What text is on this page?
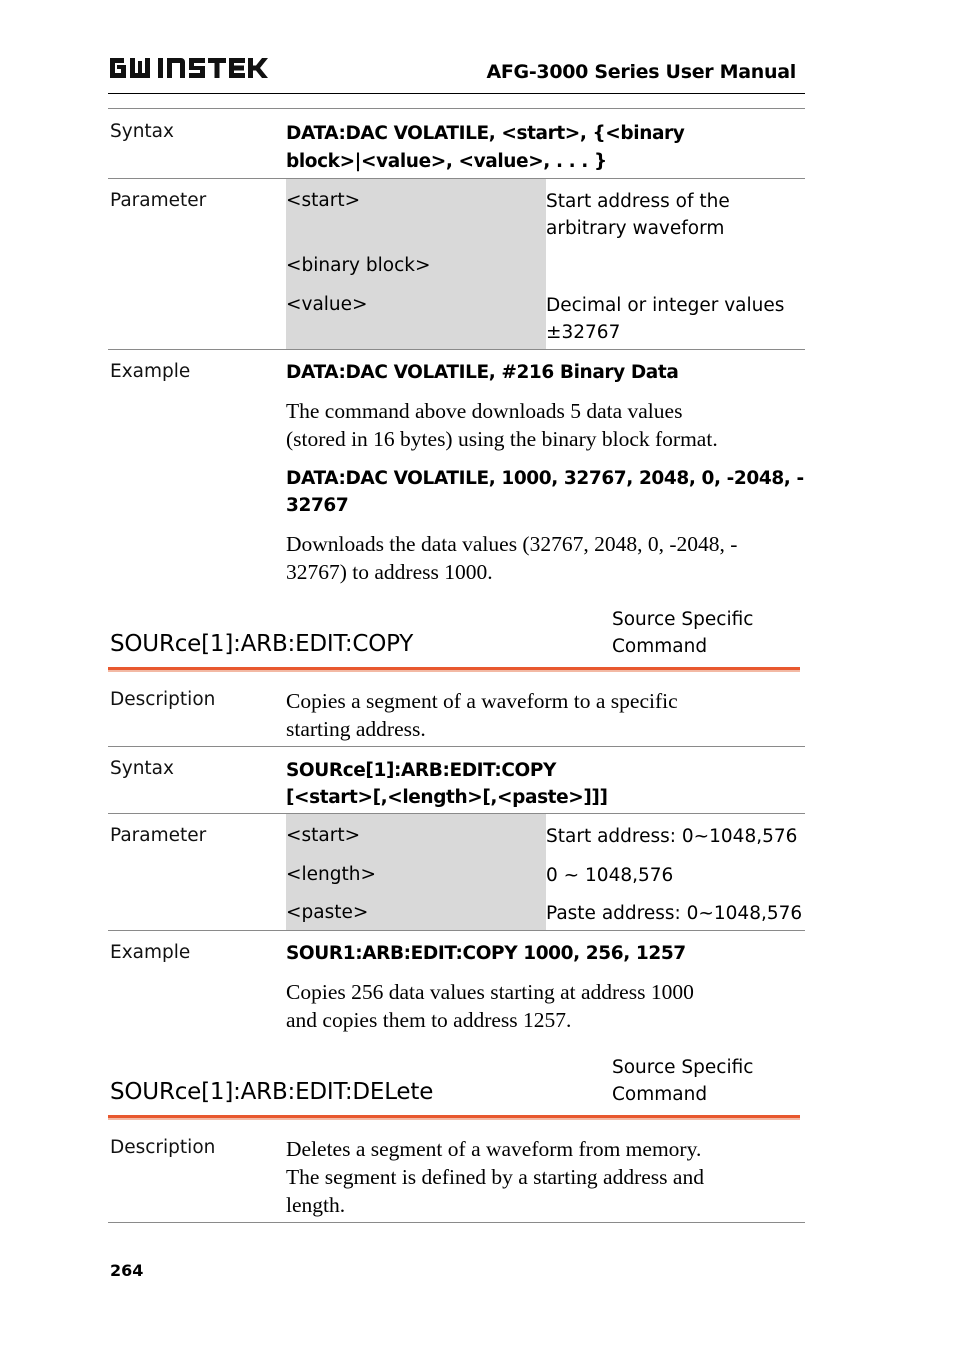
AFG-3000 Series User Manual
Syntax	DATA:DAC VOLATILE, <start>, {<binary
block>|<value>, <value>, . . . }
Parameter	<start>	Start address of the
arbitrary waveform
<binary block>
<value>	Decimal or integer values
±32767
Example	DATA:DAC VOLATILE, #216 Binary Data
The command above downloads 5 data values
(stored in 16 bytes) using the binary block format.
DATA:DAC VOLATILE, 1000, 32767, 2048, 0, -2048, -
32767
Downloads the data values (32767, 2048, 0, -2048, -
32767) to address 1000.
SOURce[1]:ARB:EDIT:COPY
Source Specific
Command
Description	Copies a segment of a waveform to a specific
starting address.
Syntax	SOURce[1]:ARB:EDIT:COPY
[<start>[,<length>[,<paste>]]]
Parameter	<start>	Start address: 0~1048,576
<length>	0 ~ 1048,576
<paste>	Paste address: 0~1048,576
Example	SOUR1:ARB:EDIT:COPY 1000, 256, 1257
Copies 256 data values starting at address 1000
and copies them to address 1257.
SOURce[1]:ARB:EDIT:DELete
Source Specific
Command
Description	Deletes a segment of a waveform from memory.
The segment is defined by a starting address and
length.
264
